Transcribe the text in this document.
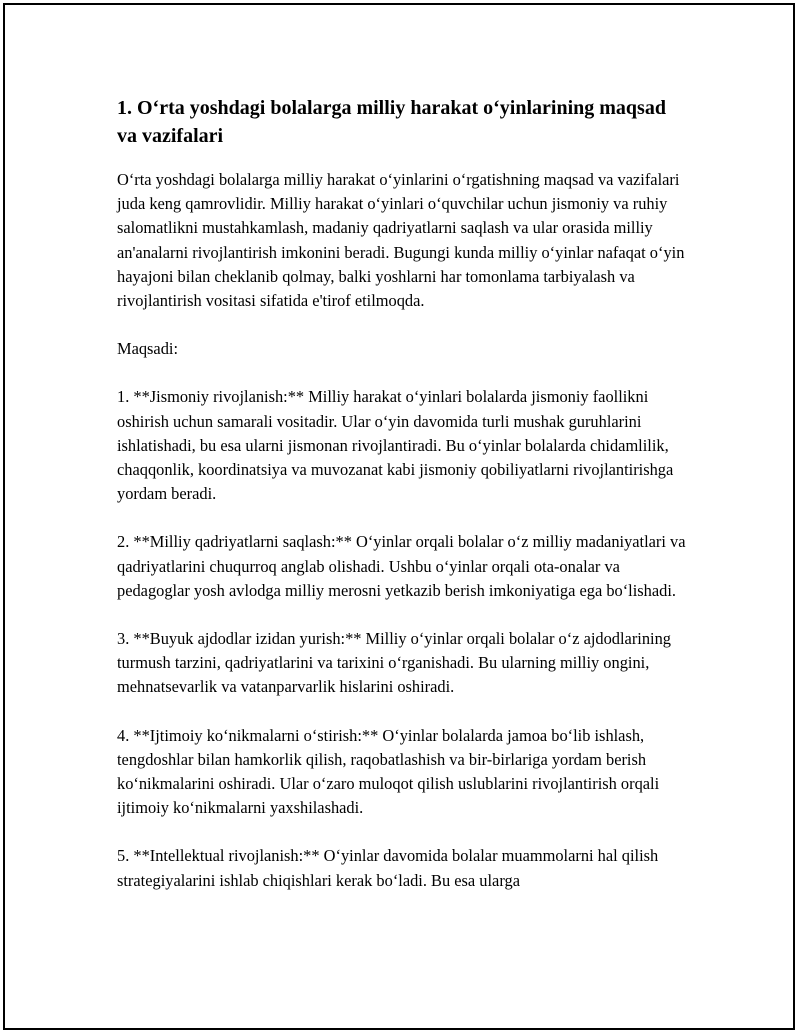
1. O‘rta yoshdagi bolalarga milliy harakat o‘yinlarining maqsad va vazifalari

O‘rta yoshdagi bolalarga milliy harakat o‘yinlarini o‘rgatishning maqsad va vazifalari juda keng qamrovlidir. Milliy harakat o‘yinlari o‘quvchilar uchun jismoniy va ruhiy salomatlikni mustahkamlash, madaniy qadriyatlarni saqlash va ular orasida milliy an'analarni rivojlantirish imkonini beradi. Bugungi kunda milliy o‘yinlar nafaqat o‘yin hayajoni bilan cheklanib qolmay, balki yoshlarni har tomonlama tarbiyalash va rivojlantirish vositasi sifatida e'tirof etilmoqda.

Maqsadi:

1. **Jismoniy rivojlanish:** Milliy harakat o‘yinlari bolalarda jismoniy faollikni oshirish uchun samarali vositadir. Ular o‘yin davomida turli mushak guruhlarini ishlatishadi, bu esa ularni jismonan rivojlantiradi. Bu o‘yinlar bolalarda chidamlilik, chaqqonlik, koordinatsiya va muvozanat kabi jismoniy qobiliyatlarni rivojlantirishga yordam beradi.

2. **Milliy qadriyatlarni saqlash:** O‘yinlar orqali bolalar o‘z milliy madaniyatlari va qadriyatlarini chuqurroq anglab olishadi. Ushbu o‘yinlar orqali ota-onalar va pedagoglar yosh avlodga milliy merosni yetkazib berish imkoniyatiga ega bo‘lishadi.

3. **Buyuk ajdodlar izidan yurish:** Milliy o‘yinlar orqali bolalar o‘z ajdodlarining turmush tarzini, qadriyatlarini va tarixini o‘rganishadi. Bu ularning milliy ongini, mehnatsevarlik va vatanparvarlik hislarini oshiradi.

4. **Ijtimoiy ko‘nikmalarni o‘stirish:** O‘yinlar bolalarda jamoa bo‘lib ishlash, tengdoshlar bilan hamkorlik qilish, raqobatlashish va bir-birlariga yordam berish ko‘nikmalarini oshiradi. Ular o‘zaro muloqot qilish uslublarini rivojlantirish orqali ijtimoiy ko‘nikmalarni yaxshilashadi.

5. **Intellektual rivojlanish:** O‘yinlar davomida bolalar muammolarni hal qilish strategiyalarini ishlab chiqishlari kerak bo‘ladi. Bu esa ularga
